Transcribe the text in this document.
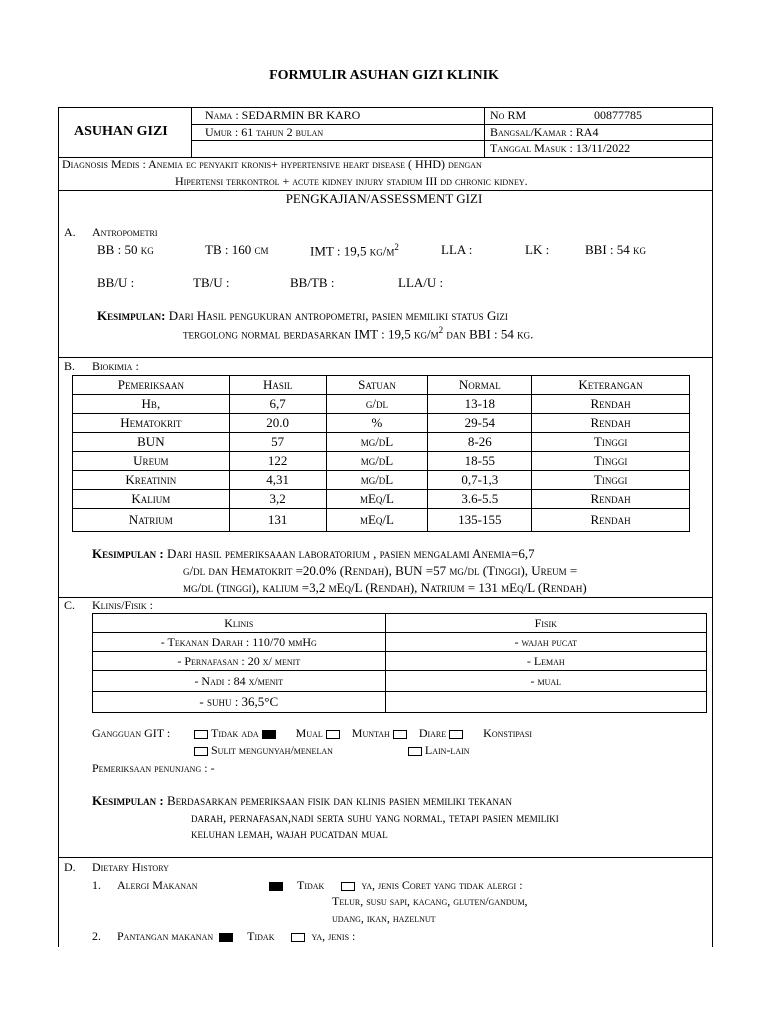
FORMULIR ASUHAN GIZI KLINIK
ASUHAN GIZI
Nama : SEDARMIN BR KARO
Umur : 61 tahun 2 bulan
No RM	00877785
Bangsal/Kamar : RA4
Tanggal Masuk : 13/11/2022
Diagnosis Medis : Anemia ec penyakit kronis+ hypertensive heart disease ( HHD) dengan
Hipertensi terkontrol + acute kidney injury stadium III dd chronic kidney.
PENGKAJIAN/ASSESSMENT GIZI
A. Antropometri
BB : 50 kg	TB : 160 cm	IMT : 19,5 $kg/m^2$	LLA :	LK :	BBI : 54 kg
BB/U :	TB/U :	BB/TB :	LLA/U :
Kesimpulan: Dari Hasil pengukuran antropometri, pasien memiliki status Gizi
tergolong normal berdasarkan IMT : 19,5 $kg/m^2$ dan BBI : 54 kg.
B. Biokimia :
Pemeriksaan	Hasil	Satuan	Normal	Keterangan
Hb,	6,7	g/dl	13-18	Rendah
Hematokrit	20.0	%	29-54	Rendah
BUN	57	mg/dL	8-26	Tinggi
Ureum	122	mg/dL	18-55	Tinggi
Kreatinin	4,31	mg/dL	0,7-1,3	Tinggi
Kalium	3,2	mEq/L	3.6-5.5	Rendah
Natrium	131	mEq/L	135-155	Rendah
Kesimpulan : Dari hasil pemeriksaaan laboratorium , pasien mengalami Anemia=6,7
g/dl dan Hematokrit =20.0% (Rendah), BUN =57 mg/dl (Tinggi), Ureum =
mg/dl (tinggi), kalium =3,2 mEq/L (Rendah), Natrium = 131 mEq/L (Rendah)
C. Klinis/Fisik :
Klinis	Fisik
- Tekanan Darah : 110/70 mmHg	- wajah pucat
- Pernafasan : 20 x/ menit	- Lemah
- Nadi : 84 x/menit	- mual
- suhu : 36,5°C	
Gangguan GIT :	Tidak ada	Mual Muntah Diare	Konstipasi
Sulit mengunyah/menelan	Lain-lain
Pemeriksaan penunjang : -
Kesimpulan : Berdasarkan pemeriksaan fisik dan klinis pasien memiliki tekanan
darah, pernafasan,nadi serta suhu yang normal, tetapi pasien memiliki
keluhan lemah, wajah pucatdan mual
D. Dietary History
1. Alergi Makanan	Tidak	ya, jenis Coret yang tidak alergi :
Telur, susu sapi, kacang, gluten/gandum,
udang, ikan, hazelnut
2. Pantangan makanan	Tidak	ya, jenis :
